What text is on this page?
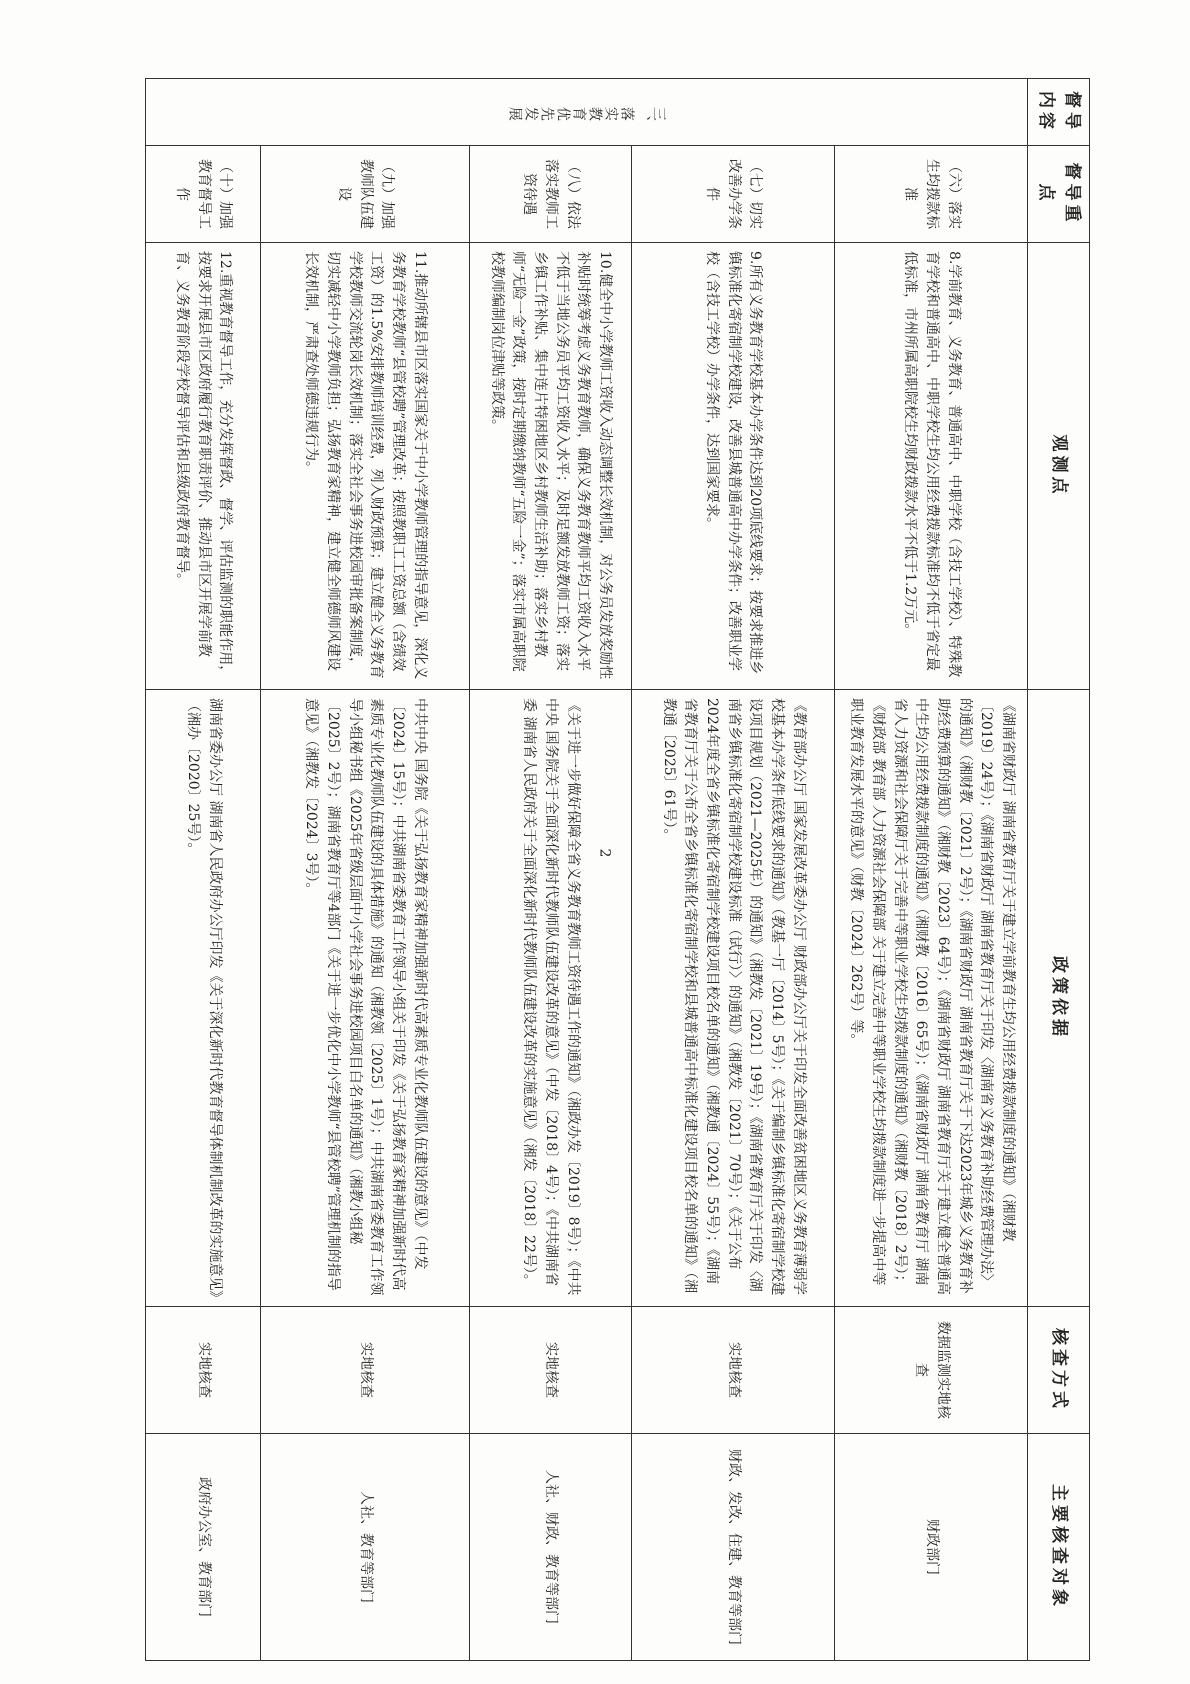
督导内容	督导重点	观测点	政策依据	核查方式	主要核查对象
三、落实教育优先发展	（六）落实生均拨款标准	8.学前教育、义务教育、普通高中、中职学校（含技工学校）、特殊教育学校和普通高中、中职学校生均公用经费拨款标准均不低于省定最低标准，市州所属高职院校生均财政拨款水平不低于1.2万元。	《湖南省财政厅 湖南省教育厅关于建立学前教育生均公用经费拨款制度的通知》（湘财教〔2019〕24号）；《湖南省财政厅 湖南省教育厅关于印发〈湖南省义务教育补助经费管理办法〉的通知》（湘财教〔2021〕2号）；《湖南省财政厅 湖南省教育厅关于下达2023年城乡义务教育补助经费预算的通知》（湘财教〔2023〕64号）；《湖南省财政厅 湖南省教育厅关于建立健全普通高中生均公用经费拨款制度的通知》（湘财教〔2016〕65号）；《湖南省财政厅 湖南省教育厅 湖南省人力资源和社会保障厅关于完善中等职业学校生均拨款制度的通知》（湘财教〔2018〕2号）；《财政部 教育部 人力资源社会保障部 关于建立完善中等职业学校生均拨款制度进一步提高中等职业教育发展水平的意见》（财教〔2024〕262号）等。	数据监测实地核查	财政部门
	（七）切实改善办学条件	9.所有义务教育学校基本办学条件达到20项底线要求；按要求推进乡镇标准化寄宿制学校建设，改善县城普通高中办学条件；改善职业学校（含技工学校）办学条件，达到国家要求。	《教育部办公厅 国家发展改革委办公厅 财政部办公厅关于印发全面改善贫困地区义务教育薄弱学校基本办学条件底线要求的通知》（教基一厅〔2014〕5号）；《关于编制乡镇标准化寄宿制学校建设项目规划（2021—2025年）的通知》（湘教发〔2021〕19号）；《湖南省教育厅关于印发〈湖南省乡镇标准化寄宿制学校建设标准（试行）〉的通知》（湘教发〔2021〕70号）；《关于公布2024年度全省乡镇标准化寄宿制学校建设项目校名单的通知》（湘教通〔2024〕55号）；《湖南省教育厅关于公布全省乡镇标准化寄宿制学校和县城普通高中标准化建设项目校名单的通知》（湘教通〔2025〕61号）。	实地核查	财政、发改、住建、教育等部门
	（八）依法落实教师工资待遇	10.健全中小学教师工资收入动态调整长效机制，对公务员发放奖励性补贴时统筹考虑义务教育教师，确保义务教育教师平均工资收入水平不低于当地公务员平均工资收入水平；及时足额发放教师工资；落实乡镇工作补贴、集中连片特困地区乡村教师生活补助；落实乡村教师“无险一金”政策，按时定期缴纳教师“五险一金”；落实市属高职院校教师编制岗位津贴等政策。	《关于进一步做好保障全省义务教育教师工资待遇工作的通知》（湘政办发〔2019〕8号）；《中共中央 国务院关于全面深化新时代教师队伍建设改革的意见》（中发〔2018〕4号）；《中共湖南省委 湖南省人民政府关于全面深化新时代教师队伍建设改革的实施意见》（湘发〔2018〕22号）。	实地核查	人社、财政、教育等部门
	（九）加强教师队伍建设	11.推动所辖县市区落实国家关于中小学教师管理的指导意见，深化义务教育学校教师“县管校聘”管理改革；按照教职工工资总额（含绩效工资）的1.5%安排教师培训经费，列入财政预算；建立健全义务教育学校教师交流轮岗长效机制；落实全社会事务进校园审批备案制度，切实减轻中小学教师负担；弘扬教育家精神，建立健全师德师风建设长效机制，严肃查处师德违规行为。	中共中央 国务院《关于弘扬教育家精神加强新时代高素质专业化教师队伍建设的意见》（中发〔2024〕15号）；中共湖南省委教育工作领导小组关于印发《关于弘扬教育家精神加强新时代高素质专业化教师队伍建设的具体措施》的通知（湘教领〔2025〕1号）；中共湖南省委教育工作领导小组秘书组《2025年省级层面中小学社会事务进校园项目白名单的通知》（湘教小组秘〔2025〕2号）；湖南省教育厅等4部门《关于进一步优化中小学教师“县管校聘”管理机制的指导意见》（湘教发〔2024〕3号）。	实地核查	人社、教育等部门
	（十）加强教育督导工作	12.重视教育督导工作，充分发挥督政、督学、评估监测的职能作用，按要求开展县市区政府履行教育职责评价、推动县市区开展学前教育、义务教育阶段学校督导评估和县级政府教育督导。	湖南省委办公厅 湖南省人民政府办公厅印发《关于深化新时代教育督导体制机制改革的实施意见》（湘办〔2020〕25号）。	实地核查	政府办公室、教育部门
2
